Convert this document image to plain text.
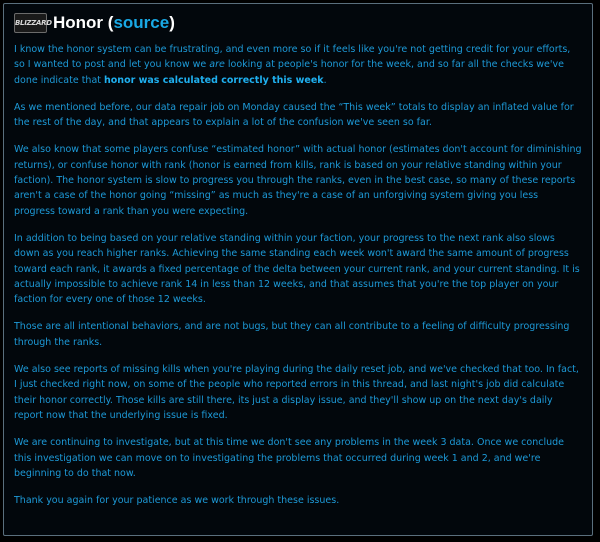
BLIZZARD Honor (source)

I know the honor system can be frustrating, and even more so if it feels like you're not getting credit for your efforts, so I wanted to post and let you know we are looking at people's honor for the week, and so far all the checks we've done indicate that honor was calculated correctly this week.

As we mentioned before, our data repair job on Monday caused the “This week” totals to display an inflated value for the rest of the day, and that appears to explain a lot of the confusion we've seen so far.

We also know that some players confuse “estimated honor” with actual honor (estimates don't account for diminishing returns), or confuse honor with rank (honor is earned from kills, rank is based on your relative standing within your faction). The honor system is slow to progress you through the ranks, even in the best case, so many of these reports aren't a case of the honor going “missing” as much as they're a case of an unforgiving system giving you less progress toward a rank than you were expecting.

In addition to being based on your relative standing within your faction, your progress to the next rank also slows down as you reach higher ranks. Achieving the same standing each week won't award the same amount of progress toward each rank, it awards a fixed percentage of the delta between your current rank, and your current standing. It is actually impossible to achieve rank 14 in less than 12 weeks, and that assumes that you're the top player on your faction for every one of those 12 weeks.

Those are all intentional behaviors, and are not bugs, but they can all contribute to a feeling of difficulty progressing through the ranks.

We also see reports of missing kills when you're playing during the daily reset job, and we've checked that too. In fact, I just checked right now, on some of the people who reported errors in this thread, and last night's job did calculate their honor correctly. Those kills are still there, its just a display issue, and they'll show up on the next day's daily report now that the underlying issue is fixed.

We are continuing to investigate, but at this time we don't see any problems in the week 3 data. Once we conclude this investigation we can move on to investigating the problems that occurred during week 1 and 2, and we're beginning to do that now.

Thank you again for your patience as we work through these issues.
